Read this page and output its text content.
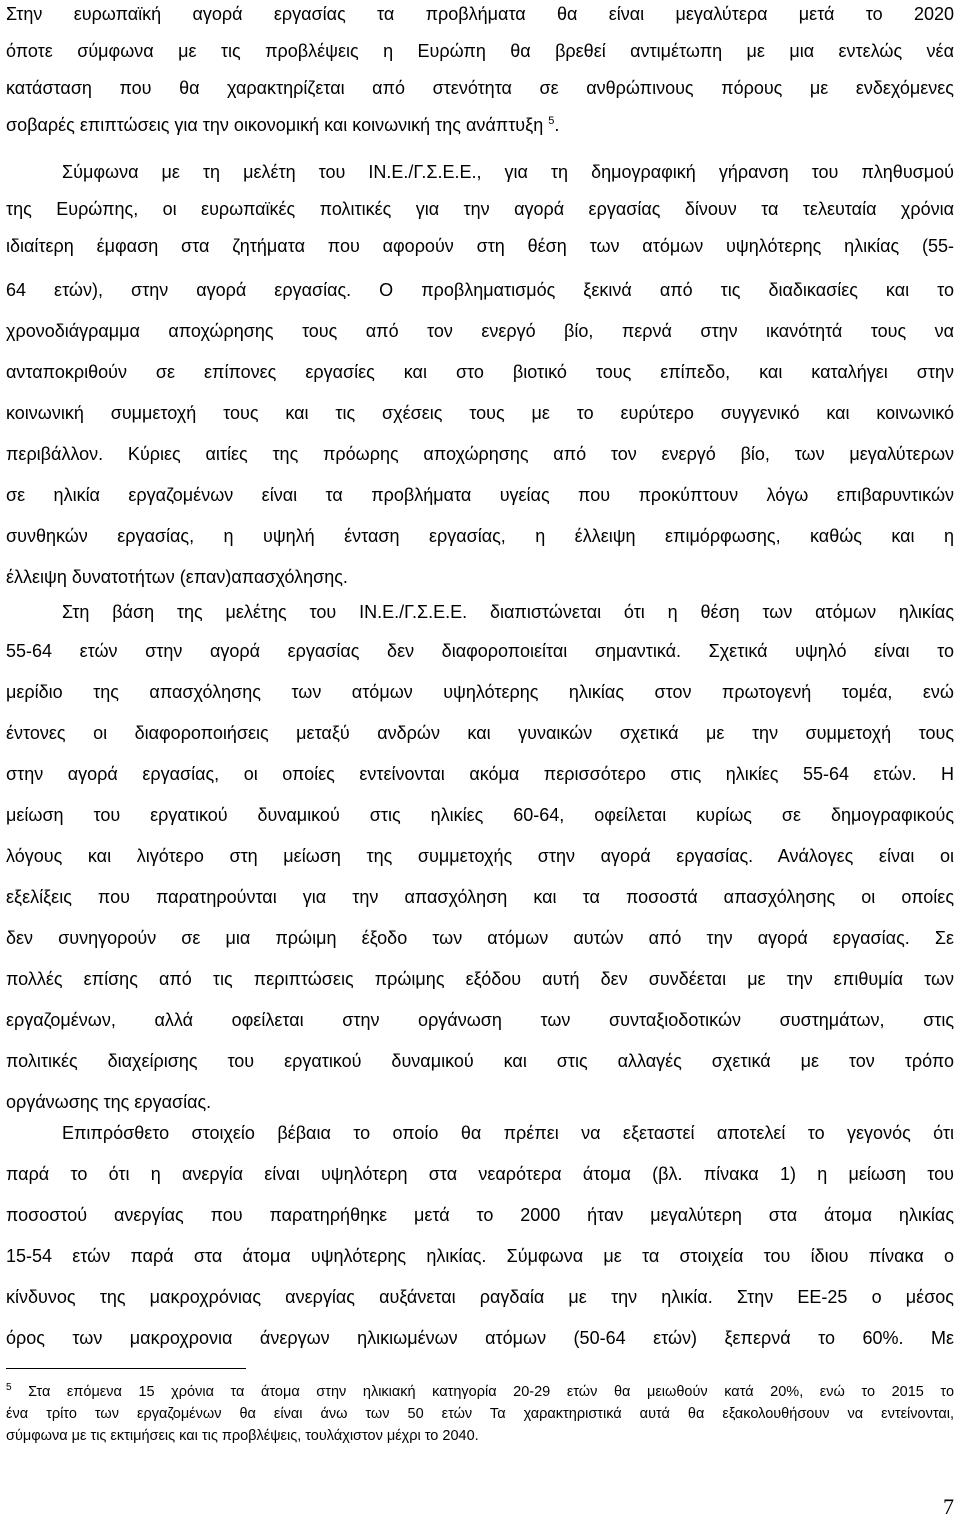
Στην ευρωπαϊκή αγορά εργασίας τα προβλήματα θα είναι μεγαλύτερα μετά το 2020
όποτε σύμφωνα με τις προβλέψεις η Ευρώπη θα βρεθεί αντιμέτωπη με μια εντελώς νέα
κατάσταση που θα χαρακτηρίζεται από στενότητα σε ανθρώπινους πόρους με ενδεχόμενες
σοβαρές επιπτώσεις για την οικονομική και κοινωνική της ανάπτυξη $^5$.
Σύμφωνα με τη μελέτη του ΙΝ.Ε./Γ.Σ.Ε.Ε., για τη δημογραφική γήρανση του πληθυσμού
της Ευρώπης, οι ευρωπαϊκές πολιτικές για την αγορά εργασίας δίνουν τα τελευταία χρόνια
ιδιαίτερη έμφαση στα ζητήματα που αφορούν στη θέση των ατόμων υψηλότερης ηλικίας (55-
64 ετών), στην αγορά εργασίας. Ο προβληματισμός ξεκινά από τις διαδικασίες και το
χρονοδιάγραμμα αποχώρησης τους από τον ενεργό βίο, περνά στην ικανότητά τους να
ανταποκριθούν σε επίπονες εργασίες και στο βιοτικό τους επίπεδο, και καταλήγει στην
κοινωνική συμμετοχή τους και τις σχέσεις τους με το ευρύτερο συγγενικό και κοινωνικό
περιβάλλον. Κύριες αιτίες της πρόωρης αποχώρησης από τον ενεργό βίο, των μεγαλύτερων
σε ηλικία εργαζομένων είναι τα προβλήματα υγείας που προκύπτουν λόγω επιβαρυντικών
συνθηκών εργασίας, η υψηλή ένταση εργασίας, η έλλειψη επιμόρφωσης, καθώς και η
έλλειψη δυνατοτήτων (επαν)απασχόλησης.
Στη βάση της μελέτης του ΙΝ.Ε./Γ.Σ.Ε.Ε. διαπιστώνεται ότι η θέση των ατόμων ηλικίας
55-64 ετών στην αγορά εργασίας δεν διαφοροποιείται σημαντικά. Σχετικά υψηλό είναι το
μερίδιο της απασχόλησης των ατόμων υψηλότερης ηλικίας στον πρωτογενή τομέα, ενώ
έντονες οι διαφοροποιήσεις μεταξύ ανδρών και γυναικών σχετικά με την συμμετοχή τους
στην αγορά εργασίας, οι οποίες εντείνονται ακόμα περισσότερο στις ηλικίες 55-64 ετών. Η
μείωση του εργατικού δυναμικού στις ηλικίες 60-64, οφείλεται κυρίως σε δημογραφικούς
λόγους και λιγότερο στη μείωση της συμμετοχής στην αγορά εργασίας. Ανάλογες είναι οι
εξελίξεις που παρατηρούνται για την απασχόληση και τα ποσοστά απασχόλησης οι οποίες
δεν συνηγορούν σε μια πρώιμη έξοδο των ατόμων αυτών από την αγορά εργασίας. Σε
πολλές επίσης από τις περιπτώσεις πρώιμης εξόδου αυτή δεν συνδέεται με την επιθυμία των
εργαζομένων, αλλά οφείλεται στην οργάνωση των συνταξιοδοτικών συστημάτων, στις
πολιτικές διαχείρισης του εργατικού δυναμικού και στις αλλαγές σχετικά με τον τρόπο
οργάνωσης της εργασίας.
Επιπρόσθετο στοιχείο βέβαια το οποίο θα πρέπει να εξεταστεί αποτελεί το γεγονός ότι
παρά το ότι η ανεργία είναι υψηλότερη στα νεαρότερα άτομα (βλ. πίνακα 1) η μείωση του
ποσοστού ανεργίας που παρατηρήθηκε μετά το 2000 ήταν μεγαλύτερη στα άτομα ηλικίας
15-54 ετών παρά στα άτομα υψηλότερης ηλικίας. Σύμφωνα με τα στοιχεία του ίδιου πίνακα ο
κίνδυνος της μακροχρόνιας ανεργίας αυξάνεται ραγδαία με την ηλικία. Στην ΕΕ-25 ο μέσος
όρος των μακροχρονια άνεργων ηλικιωμένων ατόμων (50-64 ετών) ξεπερνά το 60%. Με
$^5$ Στα επόμενα 15 χρόνια τα άτομα στην ηλικιακή κατηγορία 20-29 ετών θα μειωθούν κατά 20%, ενώ το 2015 το
ένα τρίτο των εργαζομένων θα είναι άνω των 50 ετών Τα χαρακτηριστικά αυτά θα εξακολουθήσουν να εντείνονται,
σύμφωνα με τις εκτιμήσεις και τις προβλέψεις, τουλάχιστον μέχρι το 2040.
7
